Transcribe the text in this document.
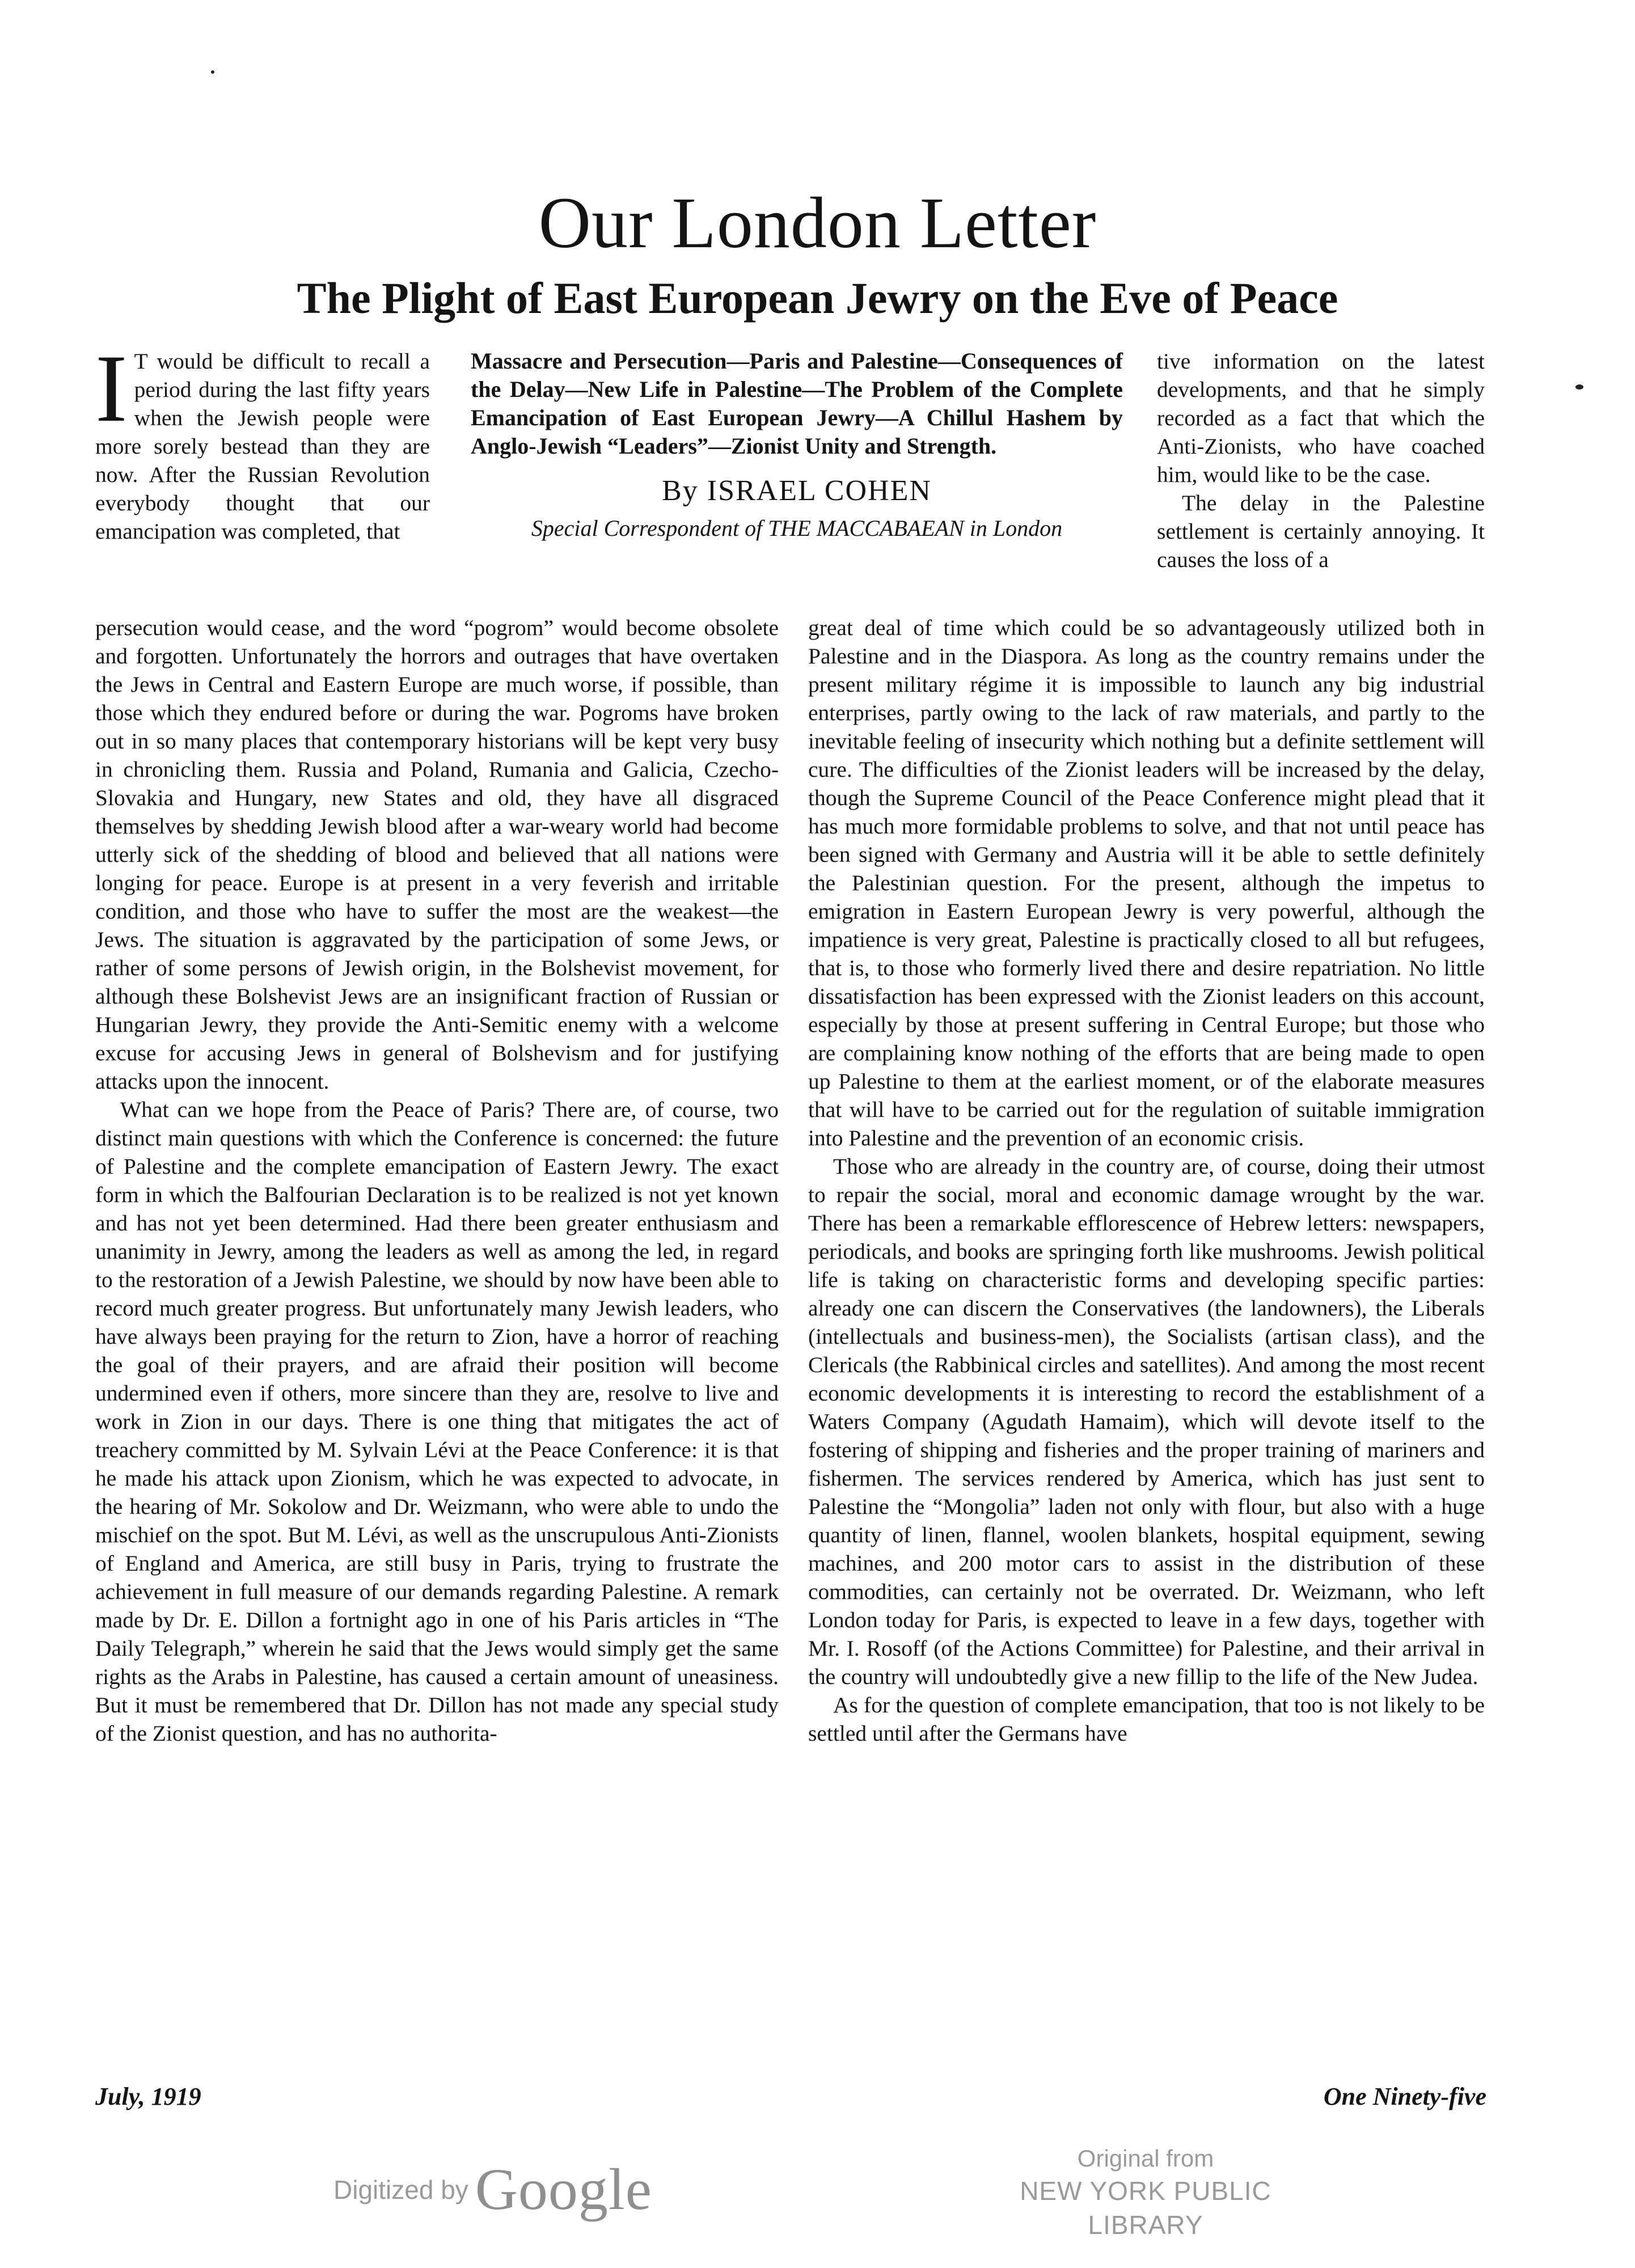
Our London Letter
The Plight of East European Jewry on the Eve of Peace

I T would be difficult to recall a period during the last fifty years when the Jewish people were more sorely bestead than they are now. After the Russian Revolution everybody thought that our emancipation was completed, that

Massacre and Persecution—Paris and Palestine—Consequences of the Delay—New Life in Palestine—The Problem of the Complete Emancipation of East European Jewry—A Chillul Hashem by Anglo-Jewish “Leaders”—Zionist Unity and Strength.

By ISRAEL COHEN

Special Correspondent of THE MACCABAEAN in London

tive information on the latest developments, and that he simply recorded as a fact that which the Anti-Zionists, who have coached him, would like to be the case.

The delay in the Palestine settlement is certainly annoying. It causes the loss of a

persecution would cease, and the word “pogrom” would become obsolete and forgotten. Unfortunately the horrors and outrages that have overtaken the Jews in Central and Eastern Europe are much worse, if possible, than those which they endured before or during the war. Pogroms have broken out in so many places that contemporary historians will be kept very busy in chronicling them. Russia and Poland, Rumania and Galicia, Czecho-Slovakia and Hungary, new States and old, they have all disgraced themselves by shedding Jewish blood after a war-weary world had become utterly sick of the shedding of blood and believed that all nations were longing for peace. Europe is at present in a very feverish and irritable condition, and those who have to suffer the most are the weakest—the Jews. The situation is aggravated by the participation of some Jews, or rather of some persons of Jewish origin, in the Bolshevist movement, for although these Bolshevist Jews are an insignificant fraction of Russian or Hungarian Jewry, they provide the Anti-Semitic enemy with a welcome excuse for accusing Jews in general of Bolshevism and for justifying attacks upon the innocent.

What can we hope from the Peace of Paris? There are, of course, two distinct main questions with which the Conference is concerned: the future of Palestine and the complete emancipation of Eastern Jewry. The exact form in which the Balfourian Declaration is to be realized is not yet known and has not yet been determined. Had there been greater enthusiasm and unanimity in Jewry, among the leaders as well as among the led, in regard to the restoration of a Jewish Palestine, we should by now have been able to record much greater progress. But unfortunately many Jewish leaders, who have always been praying for the return to Zion, have a horror of reaching the goal of their prayers, and are afraid their position will become undermined even if others, more sincere than they are, resolve to live and work in Zion in our days. There is one thing that mitigates the act of treachery committed by M. Sylvain Lévi at the Peace Conference: it is that he made his attack upon Zionism, which he was expected to advocate, in the hearing of Mr. Sokolow and Dr. Weizmann, who were able to undo the mischief on the spot. But M. Lévi, as well as the unscrupulous Anti-Zionists of England and America, are still busy in Paris, trying to frustrate the achievement in full measure of our demands regarding Palestine. A remark made by Dr. E. Dillon a fortnight ago in one of his Paris articles in “The Daily Telegraph,” wherein he said that the Jews would simply get the same rights as the Arabs in Palestine, has caused a certain amount of uneasiness. But it must be remembered that Dr. Dillon has not made any special study of the Zionist question, and has no authorita-

great deal of time which could be so advantageously utilized both in Palestine and in the Diaspora. As long as the country remains under the present military régime it is impossible to launch any big industrial enterprises, partly owing to the lack of raw materials, and partly to the inevitable feeling of insecurity which nothing but a definite settlement will cure. The difficulties of the Zionist leaders will be increased by the delay, though the Supreme Council of the Peace Conference might plead that it has much more formidable problems to solve, and that not until peace has been signed with Germany and Austria will it be able to settle definitely the Palestinian question. For the present, although the impetus to emigration in Eastern European Jewry is very powerful, although the impatience is very great, Palestine is practically closed to all but refugees, that is, to those who formerly lived there and desire repatriation. No little dissatisfaction has been expressed with the Zionist leaders on this account, especially by those at present suffering in Central Europe; but those who are complaining know nothing of the efforts that are being made to open up Palestine to them at the earliest moment, or of the elaborate measures that will have to be carried out for the regulation of suitable immigration into Palestine and the prevention of an economic crisis.

Those who are already in the country are, of course, doing their utmost to repair the social, moral and economic damage wrought by the war. There has been a remarkable efflorescence of Hebrew letters: newspapers, periodicals, and books are springing forth like mushrooms. Jewish political life is taking on characteristic forms and developing specific parties: already one can discern the Conservatives (the landowners), the Liberals (intellectuals and business-men), the Socialists (artisan class), and the Clericals (the Rabbinical circles and satellites). And among the most recent economic developments it is interesting to record the establishment of a Waters Company (Agudath Hamaim), which will devote itself to the fostering of shipping and fisheries and the proper training of mariners and fishermen. The services rendered by America, which has just sent to Palestine the “Mongolia” laden not only with flour, but also with a huge quantity of linen, flannel, woolen blankets, hospital equipment, sewing machines, and 200 motor cars to assist in the distribution of these commodities, can certainly not be overrated. Dr. Weizmann, who left London today for Paris, is expected to leave in a few days, together with Mr. I. Rosoff (of the Actions Committee) for Palestine, and their arrival in the country will undoubtedly give a new fillip to the life of the New Judea.

As for the question of complete emancipation, that too is not likely to be settled until after the Germans have

July, 1919	One Ninety-five
Digitized by Google	Original from
NEW YORK PUBLIC LIBRARY
